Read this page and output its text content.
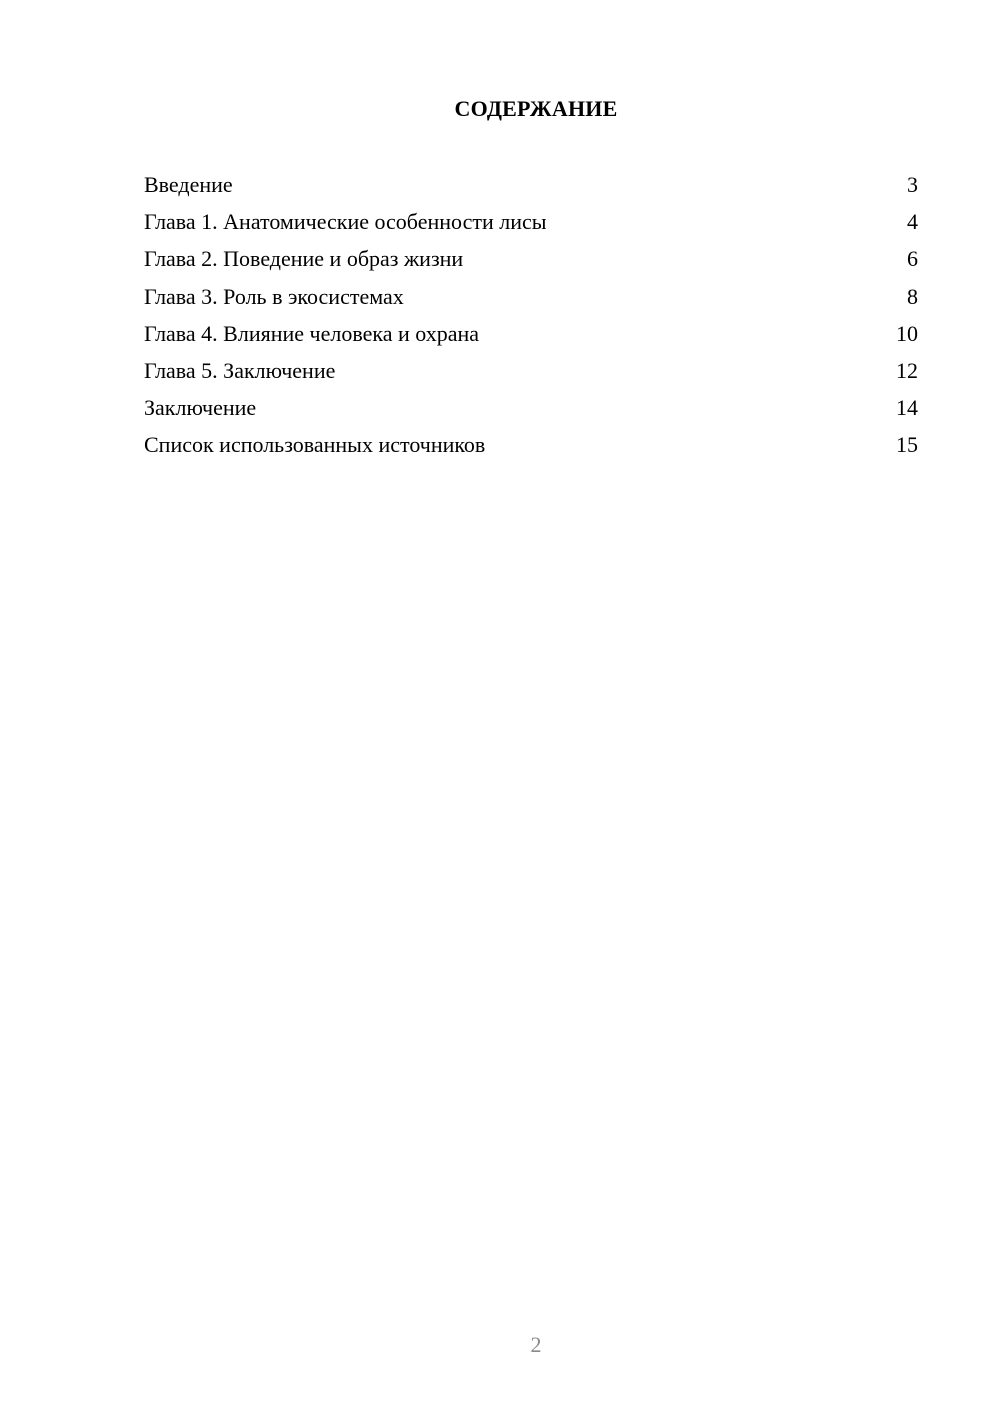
СОДЕРЖАНИЕ
Введение	3
Глава 1. Анатомические особенности лисы	4
Глава 2. Поведение и образ жизни	6
Глава 3. Роль в экосистемах	8
Глава 4. Влияние человека и охрана	10
Глава 5. Заключение	12
Заключение	14
Список использованных источников	15
2
